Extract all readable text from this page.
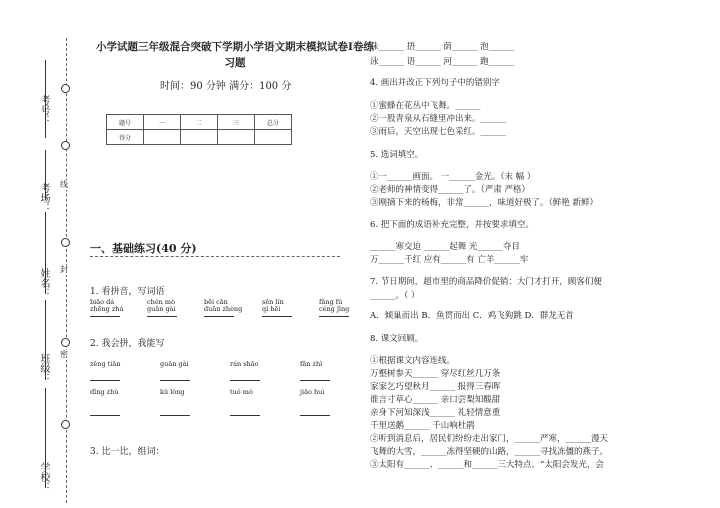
线
封
密
考号：
考场：
姓名：
班级：
学校：
小学试题三年级混合突破下学期小学语文期末模拟试卷I卷练习题
时间：90 分钟 满分：100 分
题号	一	二	三	总分
得分				
一、基础练习(40 分)
1. 看拼音，写词语
zhēng zhá	guān gài	duān zhèng	qí hēi	céng jīng
biāo dá	chén mò	bēi cǎn	sēn lín	fǎng fú
2. 我会拼，我能写
zěng tiān	guān gài	rán shāo	fǎn zhì
dǐng zhù	kǔ lóng	tuó mó	jiāo huì
3. 比一比，组词：
昧______ 捂______ 荫______ 泡______
泳______ 语______ 河______ 跑______
4. 画出并改正下列句子中的错别字
①蜜蜂在花丛中飞舞。______
②一股青泉从石缝里冲出来。______
③雨后，天空出现七色采红。______
5. 选词填空。
①一______画面。 一______金光。（末 幅 ）
②老师的神情变得______了。（严肃 严格）
③刚摘下来的杨梅，非常______，味道好极了。（鲜艳 新鲜）
6. 把下面的成语补充完整，并按要求填空。
______寒交迫 ______起舞 光______夺目
万______千红 应有______有 亡羊______牢
7. 节日期间，超市里的商品降价促销：大门才打开，顾客们便
______。（ ）
A．倾巢而出 B．鱼贯而出 C．鸡飞狗跳 D．群龙无首
8. 课文回顾。
①根据课文内容连线。
万壑树参天______ 穿尽红丝几万条
家家乞巧望秋月______ 报得三春晖
谁言寸草心______ 亲口尝梨知酸甜
亲身下河知深浅______ 礼轻情意重
千里送鹅______ 千山响杜鹃
②听到消息后，居民们纷纷走出家门，______严寒，______漫天
飞舞的大雪，______冻得坚硬的山路，______寻找冻僵的燕子。
③太阳有______、______和______三大特点。“太阳会发光，会
